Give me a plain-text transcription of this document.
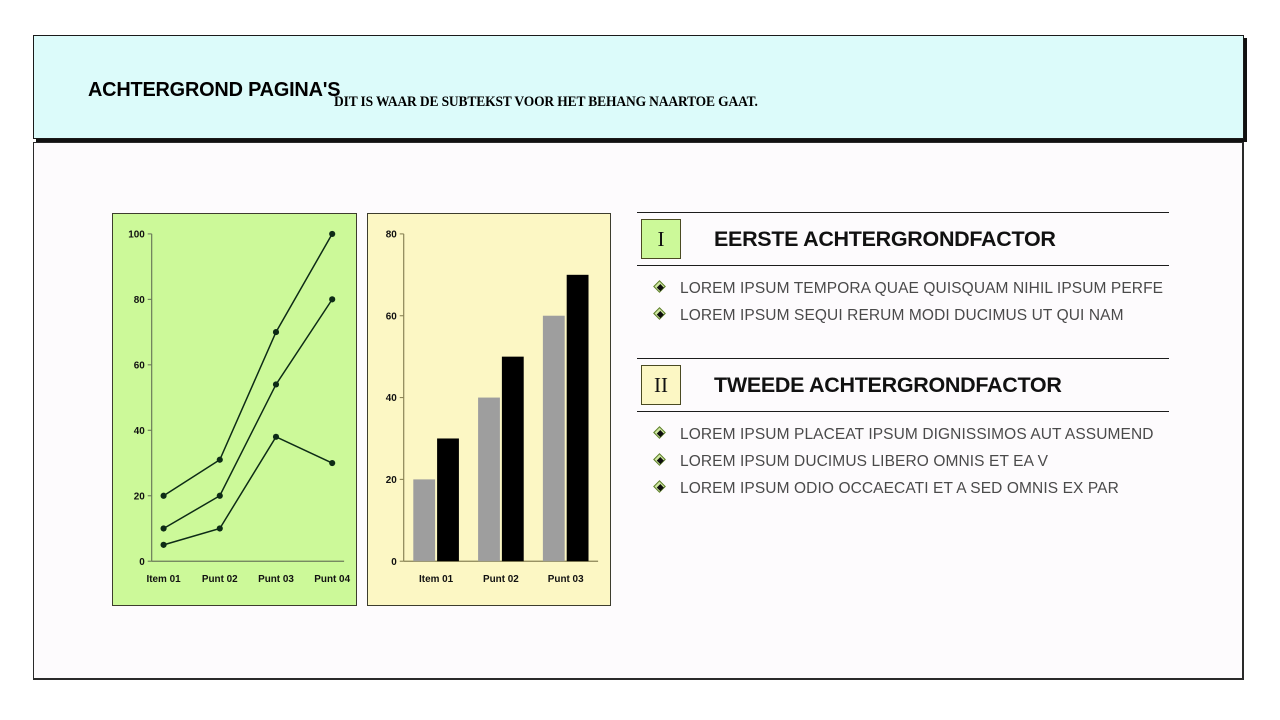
ACHTERGROND PAGINA'SDIT IS WAAR DE SUBTEKST VOOR HET BEHANG NAARTOE GAAT.
0
20
40
60
80
100
Item 01 Punt 02 Punt 03 Punt 04
0
20
40
60
80
Item 01	Punt 02	Punt 03
I	EERSTE ACHTERGRONDFACTOR
LOREM IPSUM TEMPORA QUAE QUISQUAM NIHIL IPSUM PERFE
LOREM IPSUM SEQUI RERUM MODI DUCIMUS UT QUI NAM
II	TWEEDE ACHTERGRONDFACTOR
LOREM IPSUM PLACEAT IPSUM DIGNISSIMOS AUT ASSUMEND
LOREM IPSUM DUCIMUS LIBERO OMNIS ET EA V
LOREM IPSUM ODIO OCCAECATI ET A SED OMNIS EX PAR
